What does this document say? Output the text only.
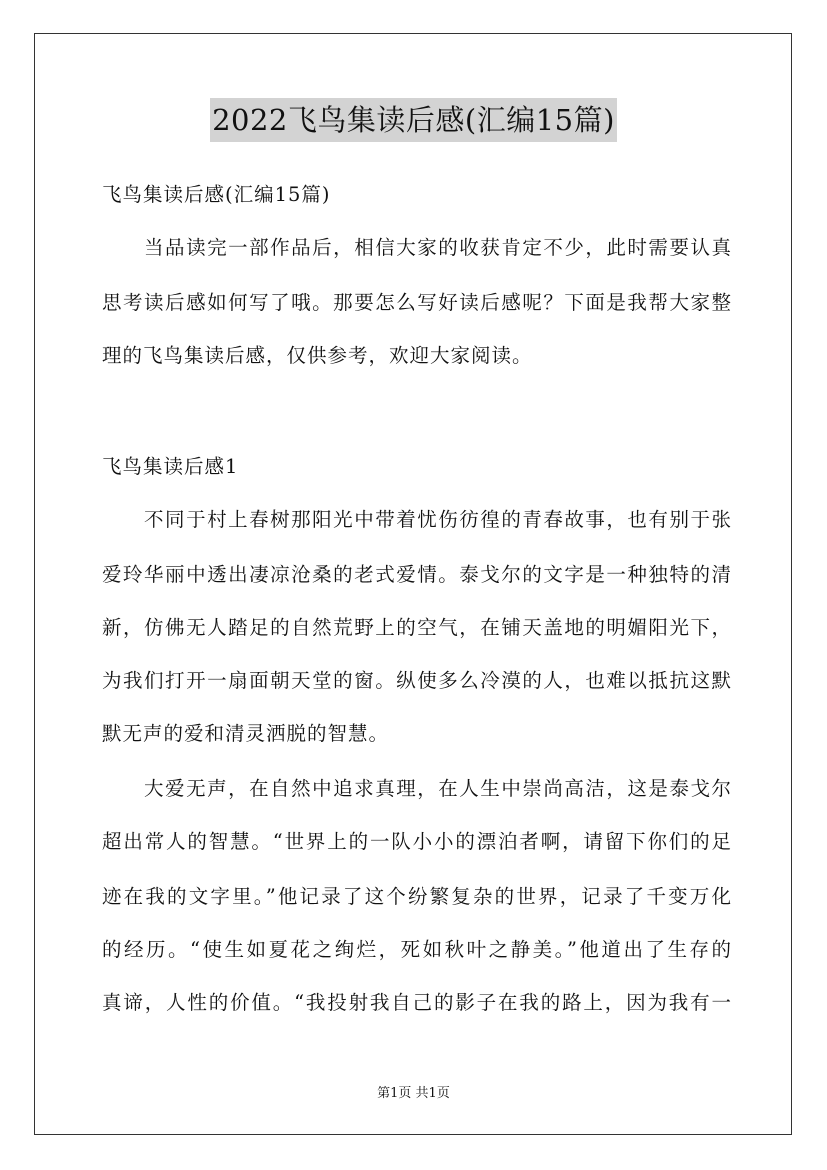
2022飞鸟集读后感(汇编15篇)
飞鸟集读后感(汇编15篇)
　　当品读完一部作品后，相信大家的收获肯定不少，此时需要认真
思考读后感如何写了哦。那要怎么写好读后感呢？下面是我帮大家整
理的飞鸟集读后感，仅供参考，欢迎大家阅读。
飞鸟集读后感1
　　不同于村上春树那阳光中带着忧伤彷徨的青春故事，也有别于张
爱玲华丽中透出凄凉沧桑的老式爱情。泰戈尔的文字是一种独特的清
新，仿佛无人踏足的自然荒野上的空气，在铺天盖地的明媚阳光下，
为我们打开一扇面朝天堂的窗。纵使多么冷漠的人，也难以抵抗这默
默无声的爱和清灵洒脱的智慧。
　　大爱无声，在自然中追求真理，在人生中崇尚高洁，这是泰戈尔
超出常人的智慧。“世界上的一队小小的漂泊者啊，请留下你们的足
迹在我的文字里。”他记录了这个纷繁复杂的世界，记录了千变万化
的经历。“使生如夏花之绚烂，死如秋叶之静美。”他道出了生存的
真谛，人性的价值。“我投射我自己的影子在我的路上，因为我有一
第1页 共1页
